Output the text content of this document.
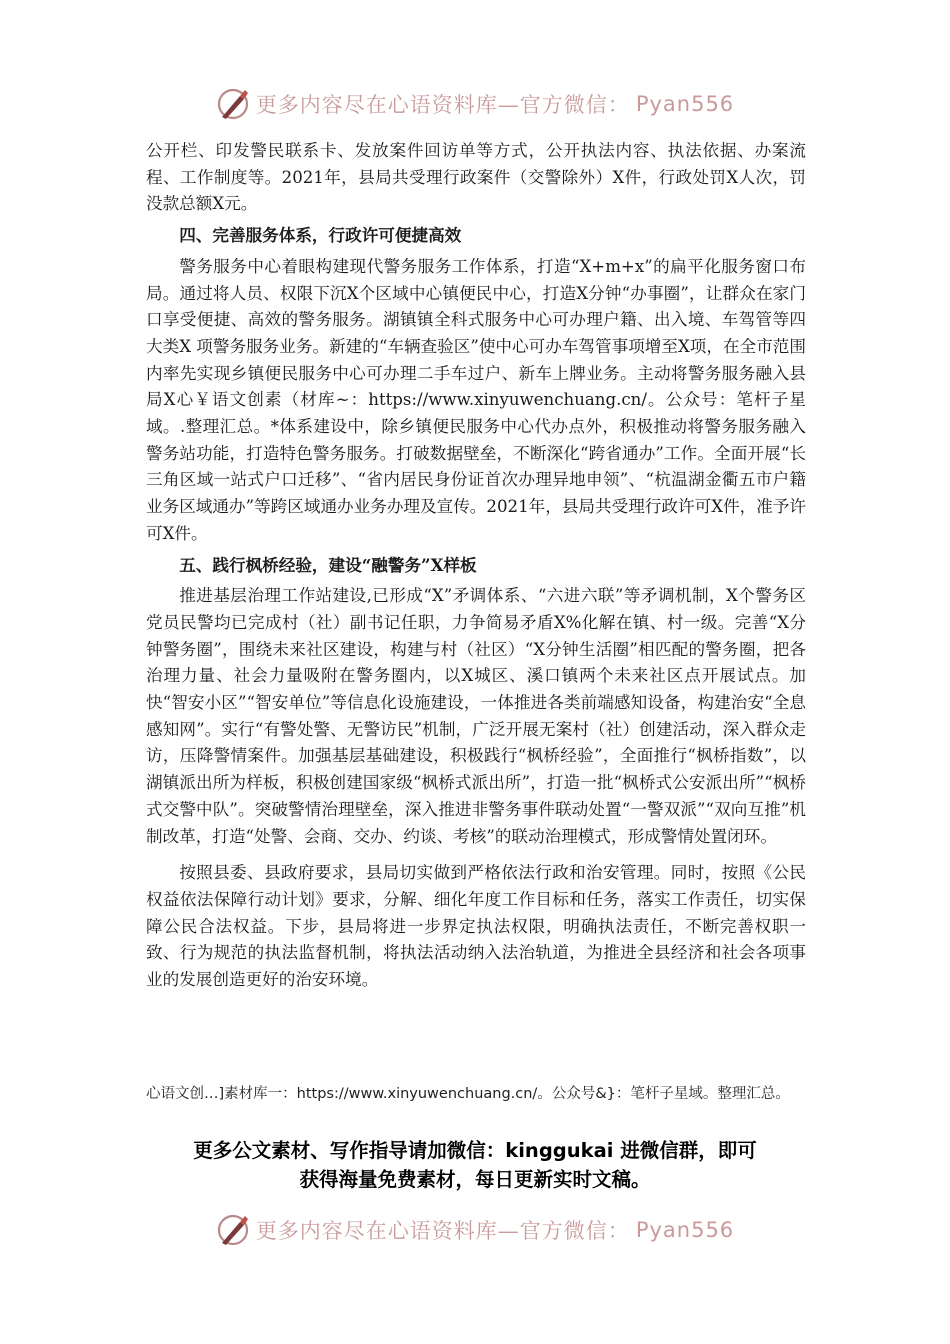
更多内容尽在心语资料库—官方微信： Pyan556

公开栏、印发警民联系卡、发放案件回访单等方式，公开执法内容、执法依据、办案流程、工作制度等。2021年，县局共受理行政案件（交警除外）X件，行政处罚X人次，罚没款总额X元。

四、完善服务体系，行政许可便捷高效

警务服务中心着眼构建现代警务服务工作体系，打造“X+m+x”的扁平化服务窗口布局。通过将人员、权限下沉X个区域中心镇便民中心，打造X分钟“办事圈”，让群众在家门口享受便捷、高效的警务服务。湖镇镇全科式服务中心可办理户籍、出入境、车驾管等四大类X 项警务服务业务。新建的“车辆查验区”使中心可办车驾管事项增至X项，在全市范围内率先实现乡镇便民服务中心可办理二手车过户、新车上牌业务。主动将警务服务融入县局X心￥语文创素（材库~：https://www.xinyuwenchuang.cn/。公众号：笔杆子星域。.整理汇总。*体系建设中，除乡镇便民服务中心代办点外，积极推动将警务服务融入警务站功能，打造特色警务服务。打破数据壁垒，不断深化“跨省通办”工作。全面开展“长三角区域一站式户口迁移”、“省内居民身份证首次办理异地申领”、“杭温湖金衢五市户籍业务区域通办”等跨区域通办业务办理及宣传。2021年，县局共受理行政许可X件，准予许可X件。

五、践行枫桥经验，建设“融警务”X样板

推进基层治理工作站建设,已形成“X”矛调体系、“六进六联”等矛调机制，X个警务区党员民警均已完成村（社）副书记任职，力争简易矛盾X%化解在镇、村一级。完善“X分钟警务圈”，围绕未来社区建设，构建与村（社区）“X分钟生活圈”相匹配的警务圈，把各治理力量、社会力量吸附在警务圈内，以X城区、溪口镇两个未来社区点开展试点。加快“智安小区”“智安单位”等信息化设施建设，一体推进各类前端感知设备，构建治安“全息感知网”。实行“有警处警、无警访民”机制，广泛开展无案村（社）创建活动，深入群众走访，压降警情案件。加强基层基础建设，积极践行“枫桥经验”，全面推行“枫桥指数”，以湖镇派出所为样板，积极创建国家级“枫桥式派出所”，打造一批“枫桥式公安派出所”“枫桥式交警中队”。突破警情治理壁垒，深入推进非警务事件联动处置“一警双派”“双向互推”机制改革，打造“处警、会商、交办、约谈、考核”的联动治理模式，形成警情处置闭环。

按照县委、县政府要求，县局切实做到严格依法行政和治安管理。同时，按照《公民权益依法保障行动计划》要求，分解、细化年度工作目标和任务，落实工作责任，切实保障公民合法权益。下步，县局将进一步界定执法权限，明确执法责任，不断完善权职一致、行为规范的执法监督机制，将执法活动纳入法治轨道，为推进全县经济和社会各项事业的发展创造更好的治安环境。

心语文创…]素材库一：https://www.xinyuwenchuang.cn/。公众号&}：笔杆子星域。整理汇总。
更多公文素材、写作指导请加微信：kinggukai 进微信群，即可
获得海量免费素材，每日更新实时文稿。
更多内容尽在心语资料库—官方微信： Pyan556
